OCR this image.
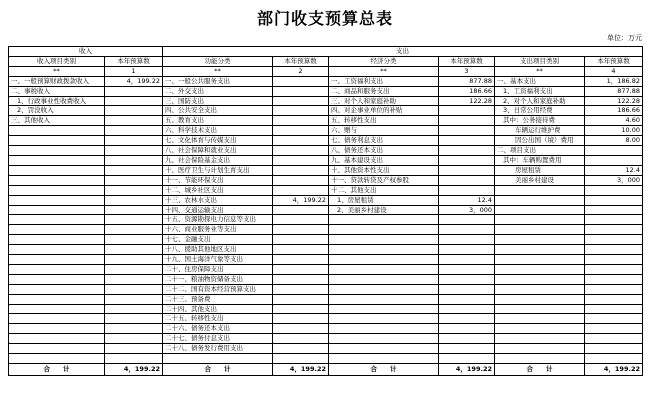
部门收支预算总表
单位：万元
收入		支出					
收入项目类别	本年预算数	功能分类	本年预算数	经济分类	本年预算数	支出项目类别	本年预算数
**	1	**	2	**	3	**	4
一、一般预算财政拨款收入	4，199.22	一、一般公共服务支出		一、工资福利支出	877.88	一、基本支出	1，186.82
二、事税收入		二、外交支出		二、商品和服务支出	186.66	1、工资福利支出	877.88
1、行政事业性收费收入		三、国防支出		三、对个人和家庭补助	122.28	2、对个人和家庭补助	122.28
2、罚没收入		四、公共安全支出		四、对企事业单位的补贴		3、日常公用经费	186.66
三、其他收入		五、教育支出		五、转移性支出		其中：公务接待费	4.60
		六、科学技术支出		六、赠与		车辆运行维护费	10.00
		七、文化体育与传媒支出		七、债务利息支出		因公出国（境）费用	8.00
		八、社会保障和就业支出		八、债务还本支出		二、项目支出	
		九、社会保险基金支出		九、基本建设支出		其中：车辆购置费用	
		十、医疗卫生与计划生育支出		十、其他资本性支出		房屋租赁	12.4
		十一、节能环保支出		十一、贷款转贷及产权参股		美丽乡村建设	3，000
		十二、城乡社区支出		十二、其他支出			
		十三、农林水支出	4，199.22	1、房屋租赁	12.4		
		十四、交通运输支出		2、美丽乡村建设	3，000		
		十五、资源勘探电力信息等支出					
		十六、商业服务业等支出					
		十七、金融支出					
		十八、援助其他地区支出					
		十九、国土海洋气象等支出					
		二十、住房保障支出					
		二十一、粮油物资储备支出					
		二十二、国有资本经营预算支出					
		二十三、预备费					
		二十四、其他支出					
		二十五、转移性支出					
		二十六、债务还本支出					
		二十七、债务付息支出					
		二十八、债务发行费用支出					

合　　计	4，199.22	合　　计	4，199.22	合　　计	4，199.22	合　　计	4，199.22
